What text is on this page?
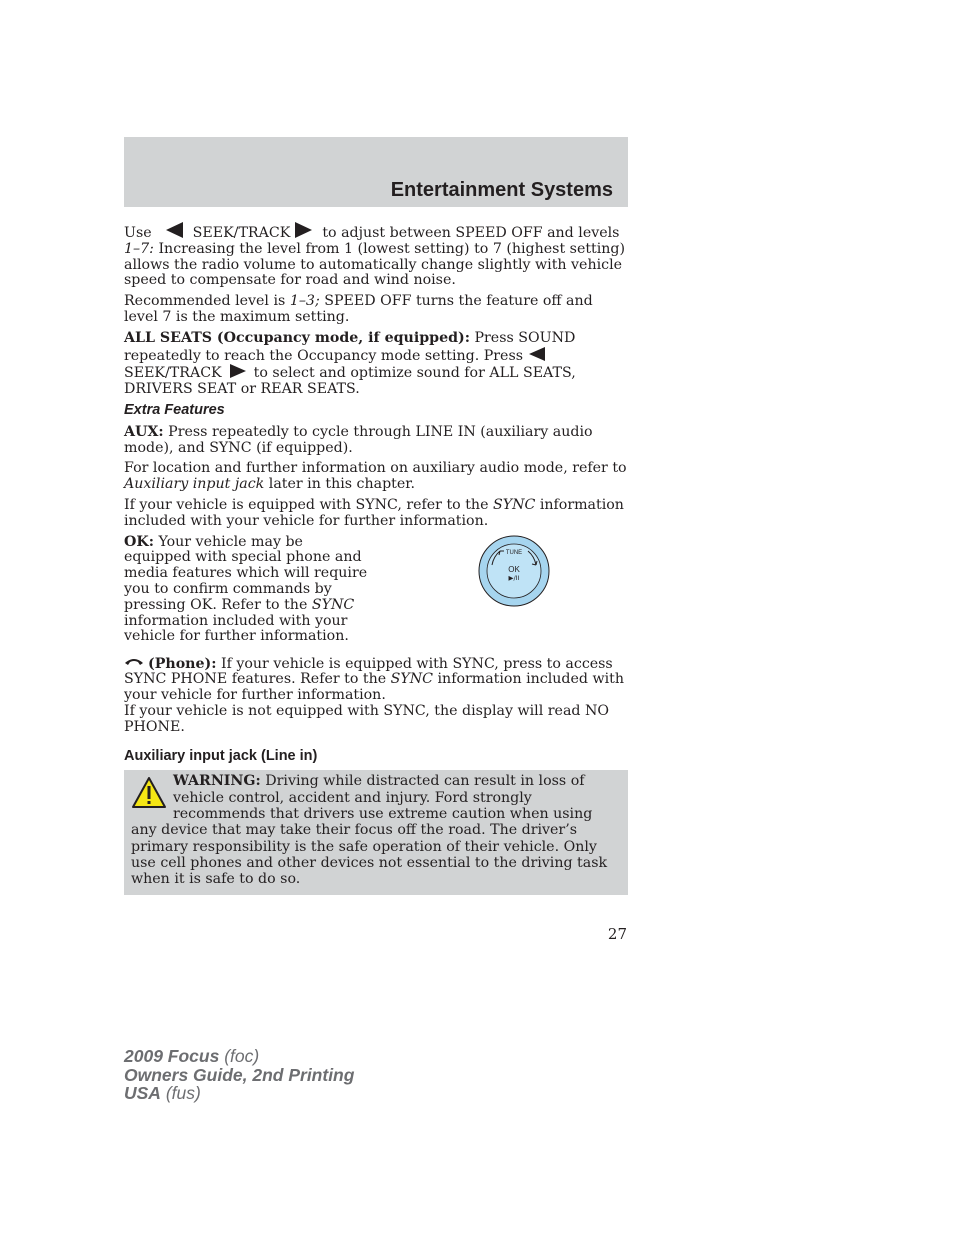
Entertainment Systems

Use	SEEK/TRACK to adjust between SPEED OFF and levels 1–7: Increasing the level from 1 (lowest setting) to 7 (highest setting) allows the radio volume to automatically change slightly with vehicle speed to compensate for road and wind noise.

Recommended level is 1–3; SPEED OFF turns the feature off and level 7 is the maximum setting.

ALL SEATS (Occupancy mode, if equipped): Press SOUND repeatedly to reach the Occupancy mode setting. Press
SEEK/TRACK to select and optimize sound for ALL SEATS, DRIVERS SEAT or REAR SEATS.

Extra Features

AUX: Press repeatedly to cycle through LINE IN (auxiliary audio mode), and SYNC (if equipped).

For location and further information on auxiliary audio mode, refer to Auxiliary input jack later in this chapter.

If your vehicle is equipped with SYNC, refer to the SYNC information included with your vehicle for further information.

OK: Your vehicle may be equipped with special phone and media features which will require you to confirm commands by pressing OK. Refer to the SYNC information included with your vehicle for further information.

TUNE
OK
▶/II

(Phone): If your vehicle is equipped with SYNC, press to access SYNC PHONE features. Refer to the SYNC information included with your vehicle for further information.
If your vehicle is not equipped with SYNC, the display will read NO PHONE.

Auxiliary input jack (Line in)
WARNING: Driving while distracted can result in loss of vehicle control, accident and injury. Ford strongly recommends that drivers use extreme caution when using any device that may take their focus off the road. The driver’s primary responsibility is the safe operation of their vehicle. Only use cell phones and other devices not essential to the driving task when it is safe to do so.
27
2009 Focus (foc)
Owners Guide, 2nd Printing
USA (fus)
